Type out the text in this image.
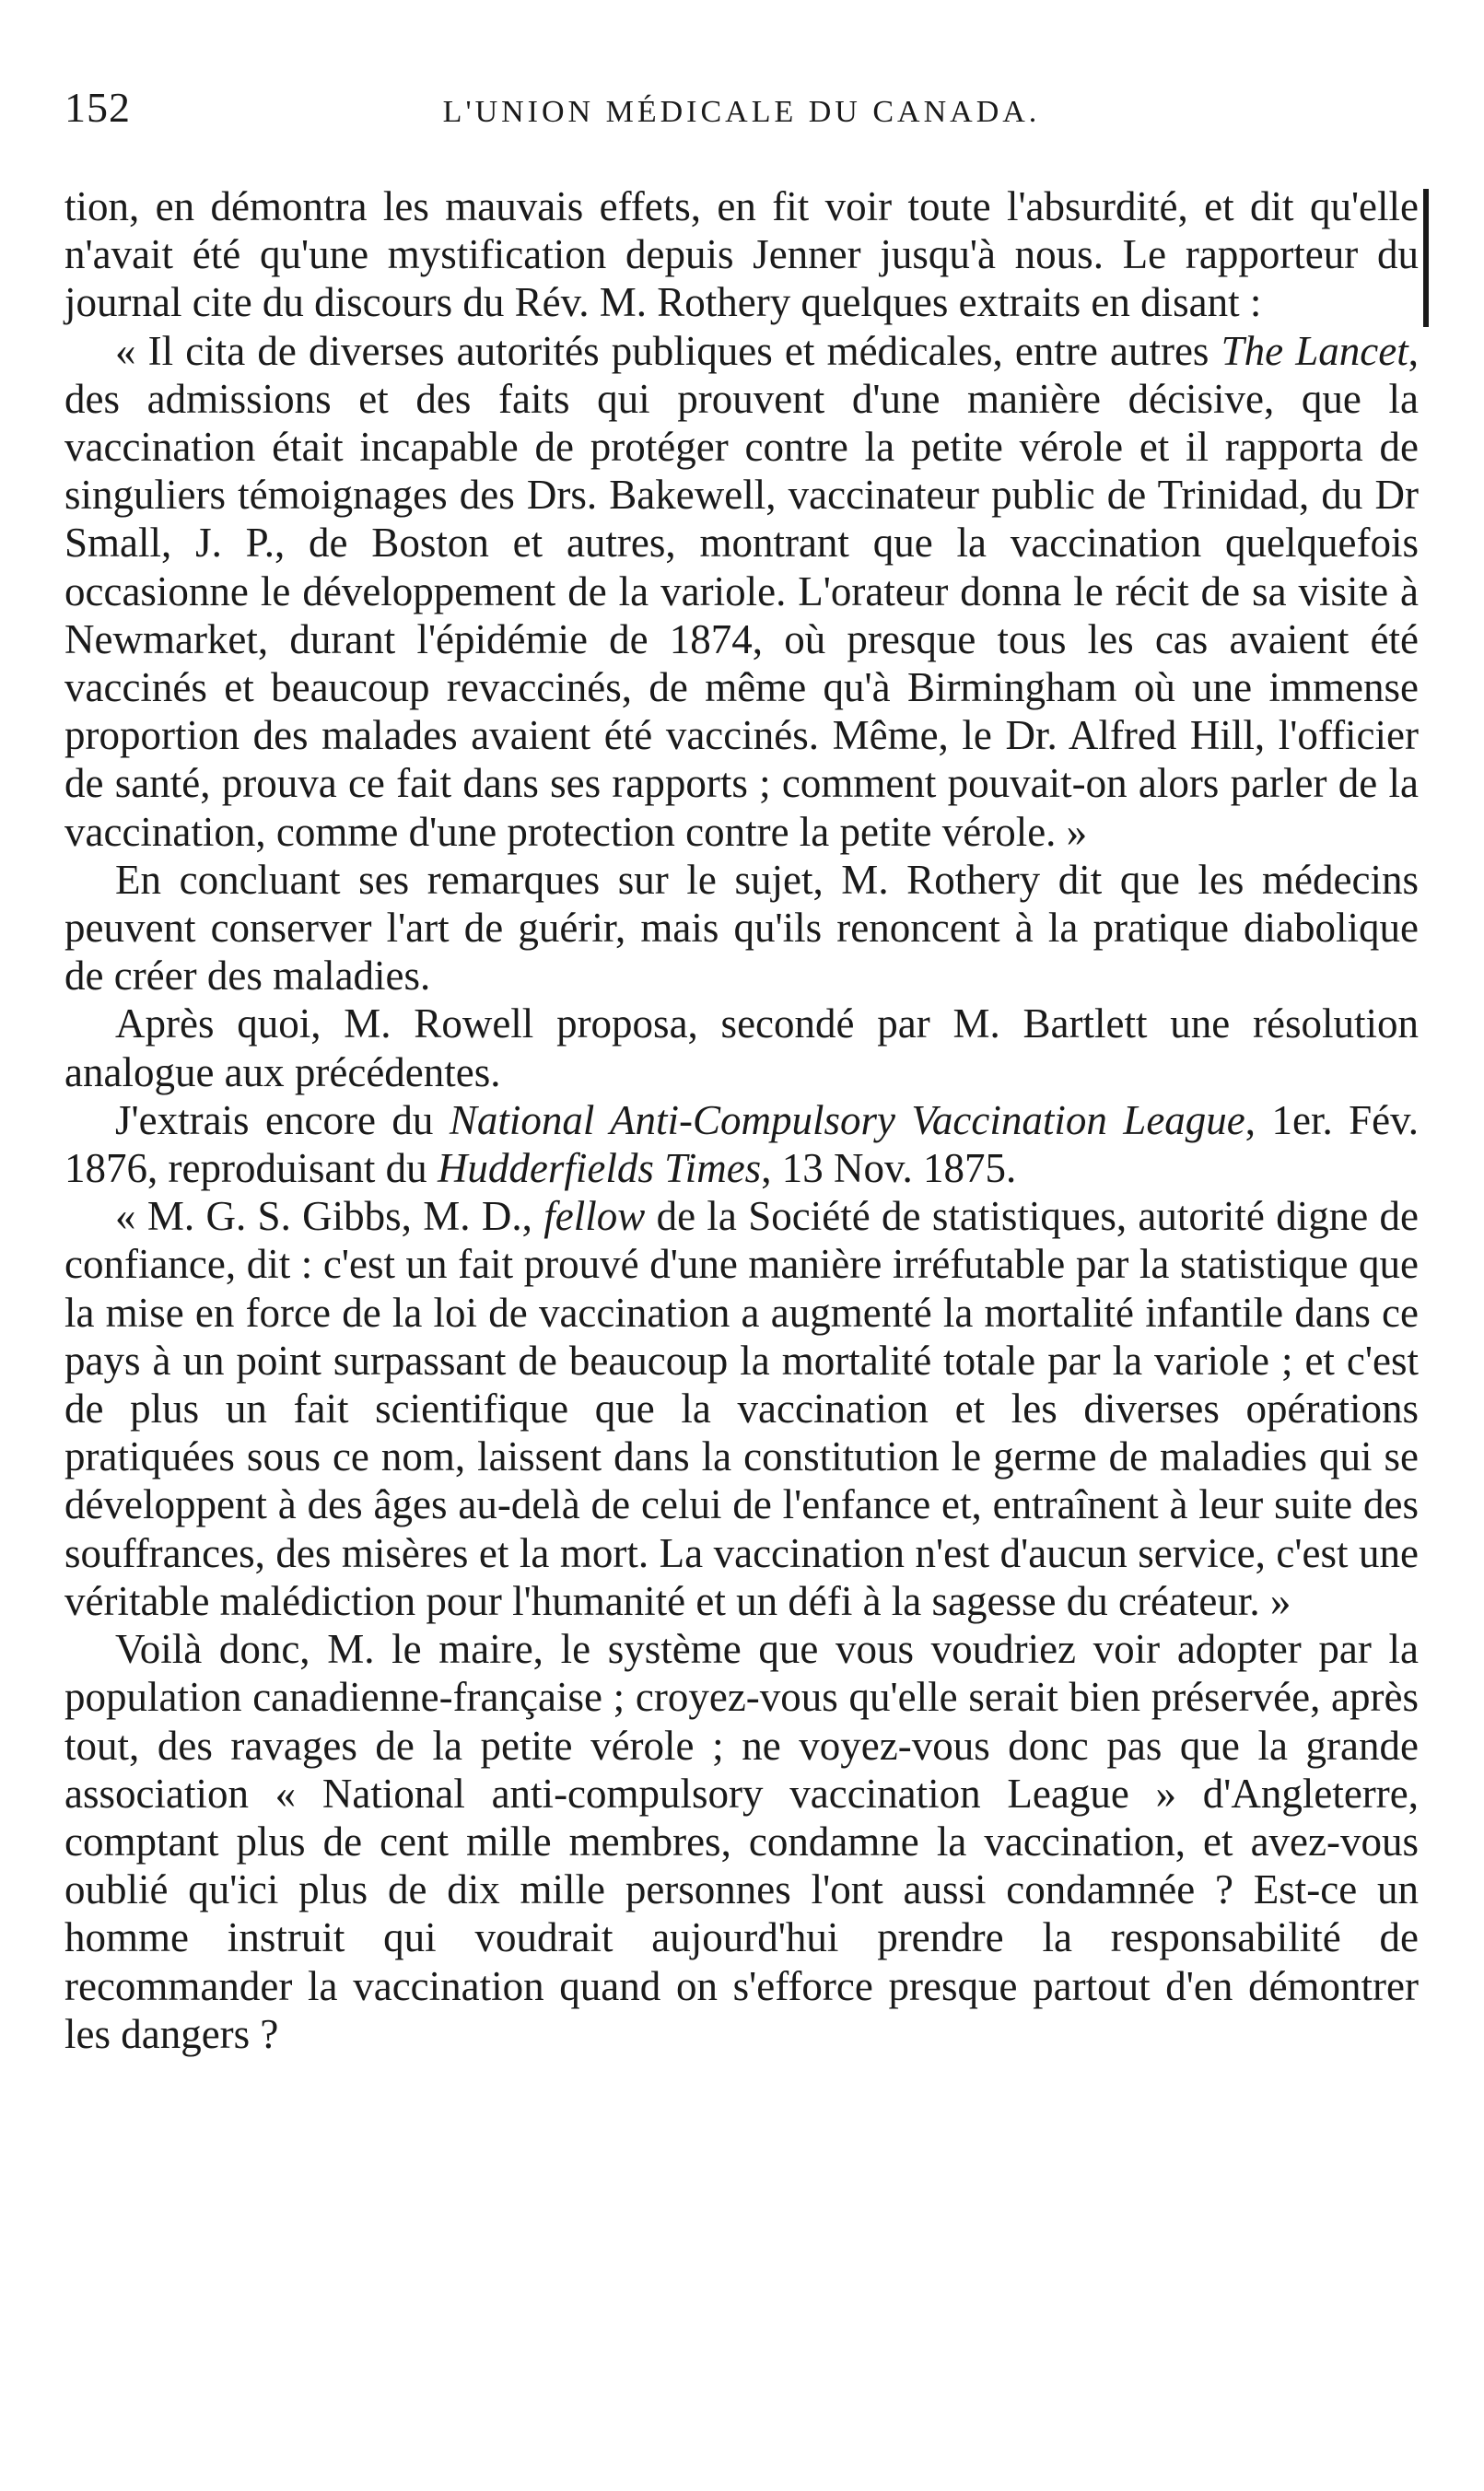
152	L'UNION MÉDICALE DU CANADA.

tion, en démontra les mauvais effets, en fit voir toute l'absurdité, et dit qu'elle n'avait été qu'une mystification depuis Jenner jusqu'à nous. Le rapporteur du journal cite du discours du Rév. M. Rothery quelques extraits en disant :

« Il cita de diverses autorités publiques et médicales, entre autres The Lancet, des admissions et des faits qui prouvent d'une manière décisive, que la vaccination était incapable de protéger contre la petite vérole et il rapporta de singuliers témoignages des Drs. Bakewell, vaccinateur public de Trinidad, du Dr Small, J. P., de Boston et autres, montrant que la vaccination quelquefois occasionne le développement de la variole. L'orateur donna le récit de sa visite à Newmarket, durant l'épidémie de 1874, où presque tous les cas avaient été vaccinés et beaucoup revaccinés, de même qu'à Birmingham où une immense proportion des malades avaient été vaccinés. Même, le Dr. Alfred Hill, l'officier de santé, prouva ce fait dans ses rapports ; comment pouvait-on alors parler de la vaccination, comme d'une protection contre la petite vérole. »

En concluant ses remarques sur le sujet, M. Rothery dit que les médecins peuvent conserver l'art de guérir, mais qu'ils renoncent à la pratique diabolique de créer des maladies.

Après quoi, M. Rowell proposa, secondé par M. Bartlett une résolution analogue aux précédentes.

J'extrais encore du National Anti-Compulsory Vaccination League, 1er. Fév. 1876, reproduisant du Hudderfields Times, 13 Nov. 1875.

« M. G. S. Gibbs, M. D., fellow de la Société de statistiques, autorité digne de confiance, dit : c'est un fait prouvé d'une manière irréfutable par la statistique que la mise en force de la loi de vaccination a augmenté la mortalité infantile dans ce pays à un point surpassant de beaucoup la mortalité totale par la variole ; et c'est de plus un fait scientifique que la vaccination et les diverses opérations pratiquées sous ce nom, laissent dans la constitution le germe de maladies qui se développent à des âges au-delà de celui de l'enfance et, entraînent à leur suite des souffrances, des misères et la mort. La vaccination n'est d'aucun service, c'est une véritable malédiction pour l'humanité et un défi à la sagesse du créateur. »

Voilà donc, M. le maire, le système que vous voudriez voir adopter par la population canadienne-française ; croyez-vous qu'elle serait bien préservée, après tout, des ravages de la petite vérole ; ne voyez-vous donc pas que la grande association « National anti-compulsory vaccination League » d'Angleterre, comptant plus de cent mille membres, condamne la vaccination, et avez-vous oublié qu'ici plus de dix mille personnes l'ont aussi condamnée ? Est-ce un homme instruit qui voudrait aujourd'hui prendre la responsabilité de recommander la vaccination quand on s'efforce presque partout d'en démontrer les dangers ?
